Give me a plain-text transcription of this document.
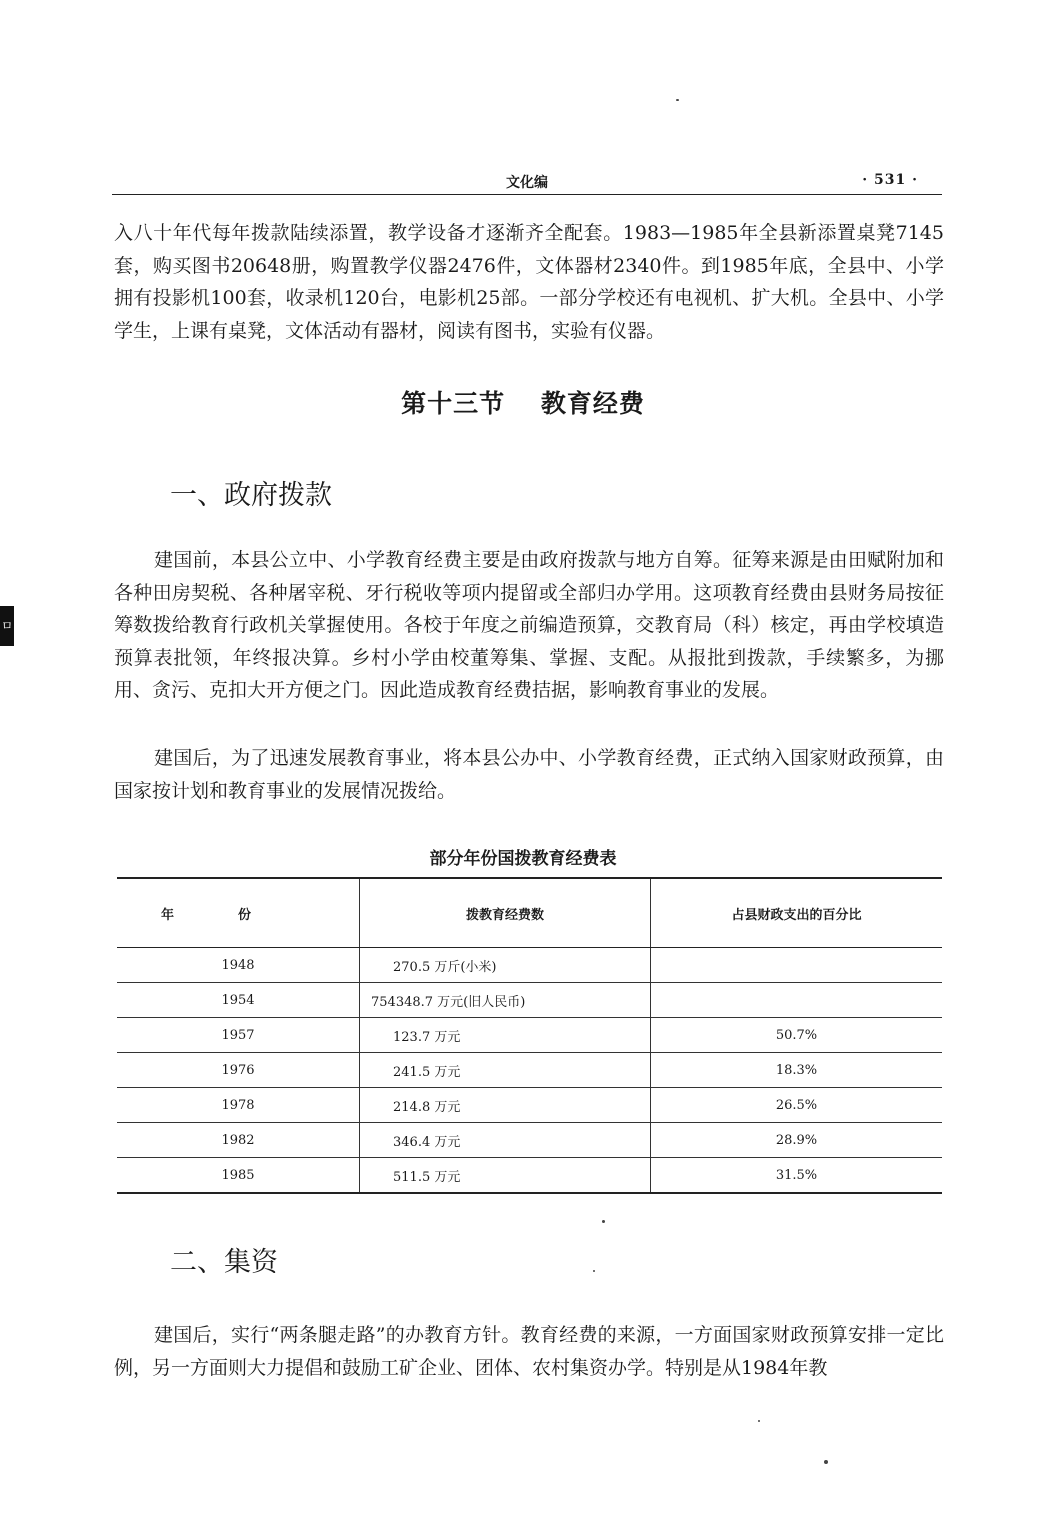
ㅁ
文化编	· 531 ·

入八十年代每年拨款陆续添置，教学设备才逐渐齐全配套。1983—1985年全县新添置桌凳7145套，购买图书20648册，购置教学仪器2476件，文体器材2340件。到1985年底，全县中、小学拥有投影机100套，收录机120台，电影机25部。一部分学校还有电视机、扩大机。全县中、小学学生，上课有桌凳，文体活动有器材，阅读有图书，实验有仪器。

第十三节 教育经费
一、政府拨款

建国前，本县公立中、小学教育经费主要是由政府拨款与地方自筹。征筹来源是由田赋附加和各种田房契税、各种屠宰税、牙行税收等项内提留或全部归办学用。这项教育经费由县财务局按征筹数拨给教育行政机关掌握使用。各校于年度之前编造预算，交教育局（科）核定，再由学校填造预算表批领，年终报决算。乡村小学由校董筹集、掌握、支配。从报批到拨款，手续繁多，为挪用、贪污、克扣大开方便之门。因此造成教育经费拮据，影响教育事业的发展。

建国后，为了迅速发展教育事业，将本县公办中、小学教育经费，正式纳入国家财政预算，由国家按计划和教育事业的发展情况拨给。

部分年份国拨教育经费表
年份	拨教育经费数	占县财政支出的百分比
1948	270.5 万斤(小米)	
1954	754348.7 万元(旧人民币)	
1957	123.7 万元	50.7%
1976	241.5 万元	18.3%
1978	214.8 万元	26.5%
1982	346.4 万元	28.9%
1985	511.5 万元	31.5%
二、集资

建国后，实行“两条腿走路”的办教育方针。教育经费的来源，一方面国家财政预算安排一定比例，另一方面则大力提倡和鼓励工矿企业、团体、农村集资办学。特别是从1984年教
